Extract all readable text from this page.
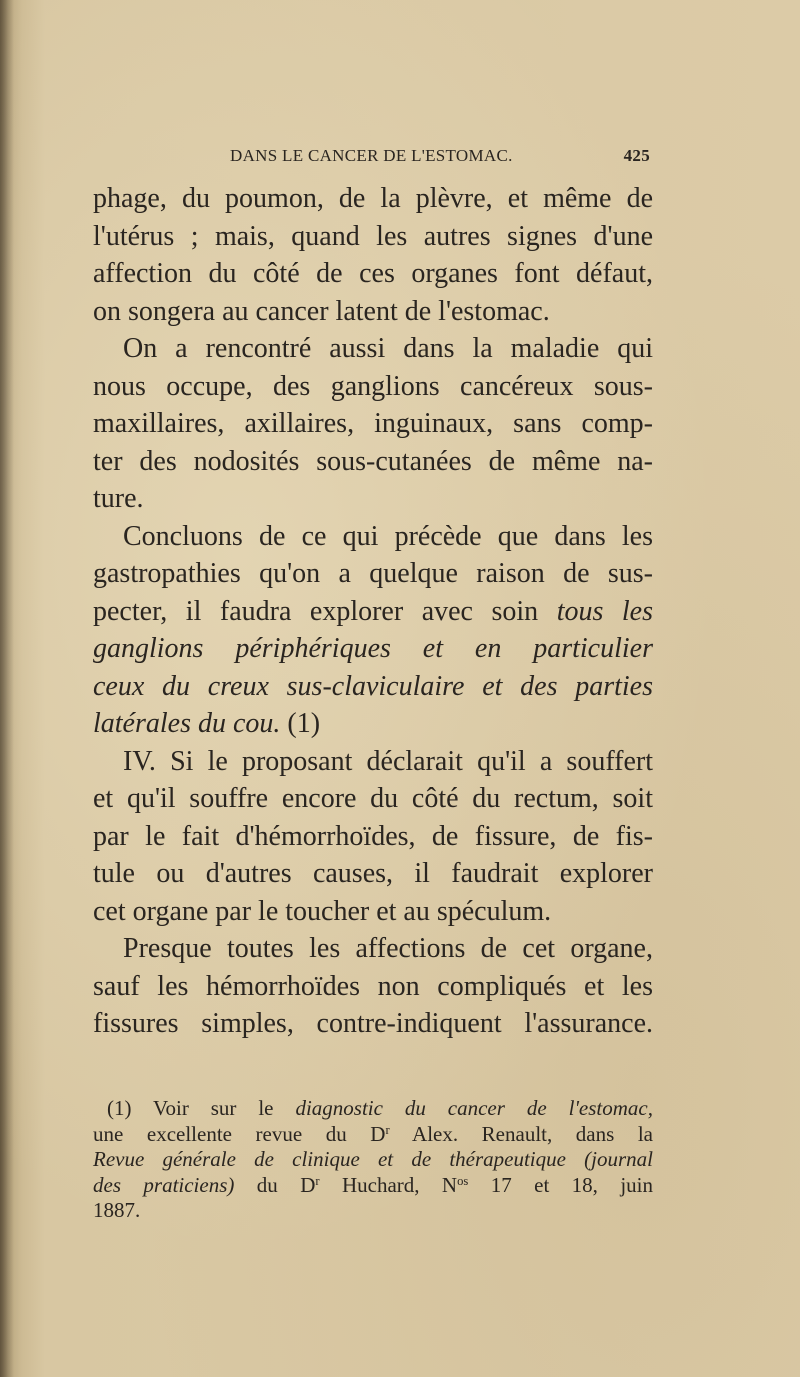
DANS LE CANCER DE L'ESTOMAC.	425
phage, du poumon, de la plèvre, et même de
l'utérus ; mais, quand les autres signes d'une
affection du côté de ces organes font défaut,
on songera au cancer latent de l'estomac.
On a rencontré aussi dans la maladie qui
nous occupe, des ganglions cancéreux sous-
maxillaires, axillaires, inguinaux, sans comp-
ter des nodosités sous-cutanées de même na-
ture.
Concluons de ce qui précède que dans les
gastropathies qu'on a quelque raison de sus-
pecter, il faudra explorer avec soin tous les
ganglions périphériques et en particulier
ceux du creux sus-claviculaire et des parties
latérales du cou. (1)
IV. Si le proposant déclarait qu'il a souffert
et qu'il souffre encore du côté du rectum, soit
par le fait d'hémorrhoïdes, de fissure, de fis-
tule ou d'autres causes, il faudrait explorer
cet organe par le toucher et au spéculum.
Presque toutes les affections de cet organe,
sauf les hémorrhoïdes non compliqués et les
fissures simples, contre-indiquent l'assurance.
(1) Voir sur le diagnostic du cancer de l'estomac,
une excellente revue du $D^r$ Alex. Renault, dans la
Revue générale de clinique et de thérapeutique (journal
des praticiens) du $D^r$ Huchard, $N^{os}$ 17 et 18, juin
1887.
